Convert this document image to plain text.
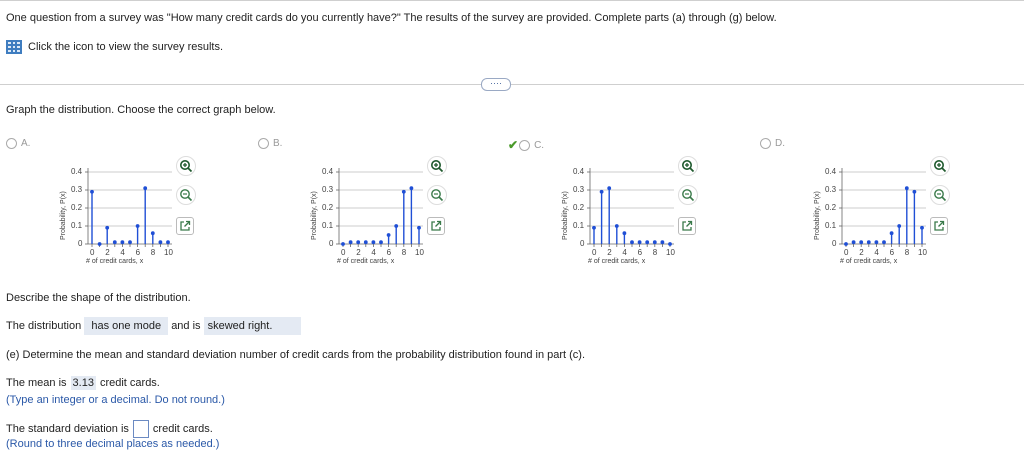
One question from a survey was "How many credit cards do you currently have?" The results of the survey are provided. Complete parts (a) through (g) below.
Click the icon to view the survey results.
····
Graph the distribution. Choose the correct graph below.
A.	B.	✔ C.	D.
0.4
0.3
0.2
0.1
0
0 2 4 6 8 10
Probability, P(x)
# of credit cards, x
0.4
0.3
0.2
0.1
0
0 2 4 6 8 10
Probability, P(x)
# of credit cards, x
0.4
0.3
0.2
0.1
0
0 2 4 6 8 10
Probability, P(x)
# of credit cards, x
0.4
0.3
0.2
0.1
0
0 2 4 6 8 10
Probability, P(x)
# of credit cards, x
Describe the shape of the distribution.
The distribution
has one mode
and is
skewed right.
(e) Determine the mean and standard deviation number of credit cards from the probability distribution found in part (c).
The mean is 3.13 credit cards.
(Type an integer or a decimal. Do not round.)
The standard deviation is credit cards.
(Round to three decimal places as needed.)
